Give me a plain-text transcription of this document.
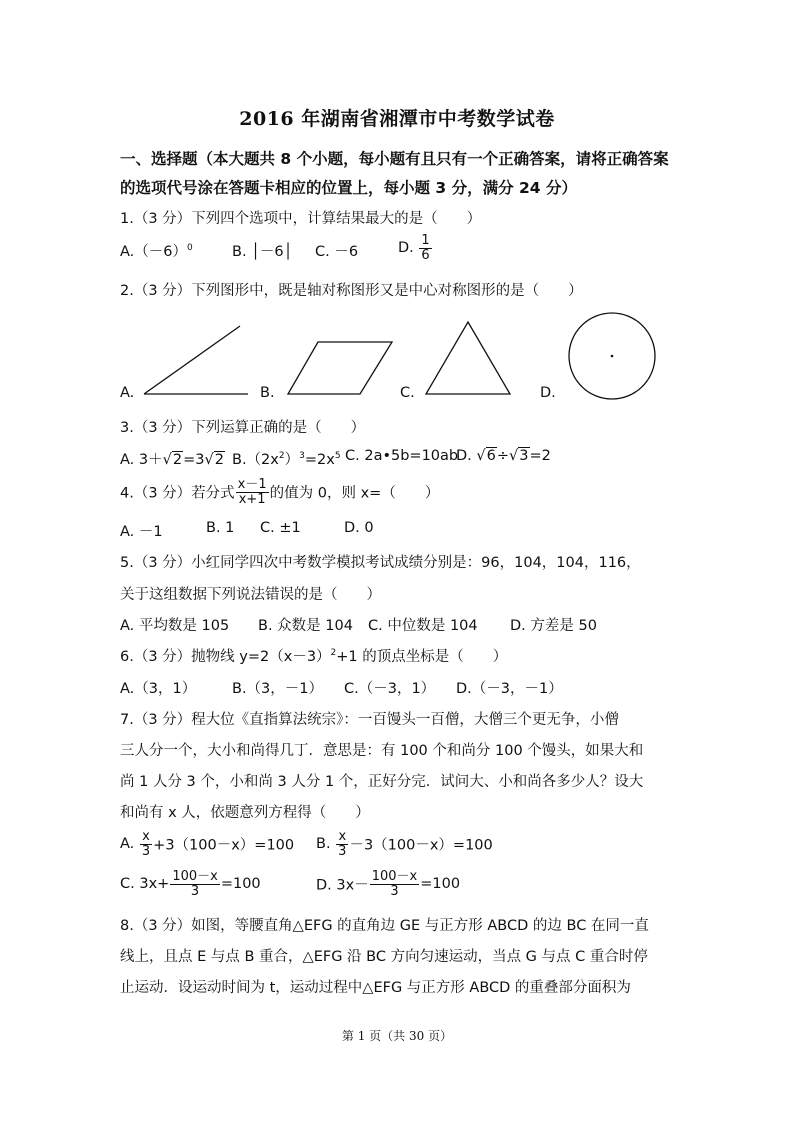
2016 年湖南省湘潭市中考数学试卷
一、选择题（本大题共 8 个小题，每小题有且只有一个正确答案，请将正确答案的选项代号涂在答题卡相应的位置上，每小题 3 分，满分 24 分）
1.（3 分）下列四个选项中，计算结果最大的是（　　）
$A.(-6)^0$	B. │－6│ C. －6	D. $\frac{1}{6}$
2.（3 分）下列图形中，既是轴对称图形又是中心对称图形的是（　　）
A.	B.	C.	D.
3.（3 分）下列运算正确的是（　　）
A. 3＋√2=3√2 $B.(2x^2)^3=2x^5$ C. 2a•5b=10ab
D. √6÷√3=2
4.（3 分）若分式 $\frac{x-1}{x+1}$ 的值为 0，则 x=（　　）
A. －1	B. 1 C. ±1	D. 0
5.（3 分）小红同学四次中考数学模拟考试成绩分别是：96，104，104，116，
关于这组数据下列说法错误的是（　　）
A. 平均数是 105 B. 众数是 104 C. 中位数是 104 D. 方差是 50
6.（3 分）抛物线 $y=2(x-3)^2+1$ 的顶点坐标是（　　）
A.（3，1） B.（3，－1） C.（－3，1） D.（－3，－1）
7.（3 分）程大位《直指算法统宗》：一百馒头一百僧，大僧三个更无争，小僧
三人分一个，大小和尚得几丁．意思是：有 100 个和尚分 100 个馒头，如果大和
尚 1 人分 3 个，小和尚 3 人分 1 个，正好分完．试问大、小和尚各多少人？设大
和尚有 x 人，依题意列方程得（　　）
A. $\frac{x}{3} +3(100-x)=100$ B. $\frac{x}{3} -3(100-x)=100$
C. $3x+ \frac{100-x}{3} =100$	D. $3x- \frac{100-x}{3} =100$
8.（3 分）如图，等腰直角△EFG 的直角边 GE 与正方形 ABCD 的边 BC 在同一直
线上，且点 E 与点 B 重合，△EFG 沿 BC 方向匀速运动，当点 G 与点 C 重合时停
止运动．设运动时间为 t，运动过程中△EFG 与正方形 ABCD 的重叠部分面积为
第 1 页（共 30 页）
